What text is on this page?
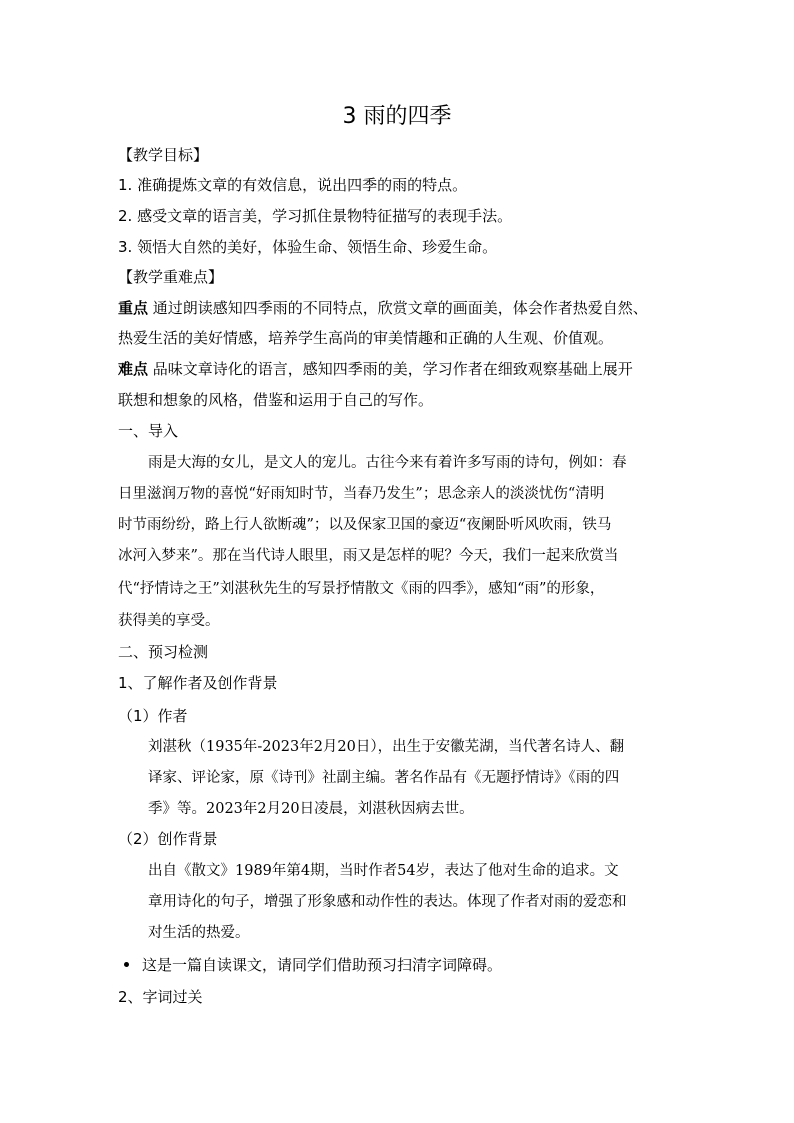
3 雨的四季
【教学目标】
1. 准确提炼文章的有效信息，说出四季的雨的特点。
2. 感受文章的语言美，学习抓住景物特征描写的表现手法。
3. 领悟大自然的美好，体验生命、领悟生命、珍爱生命。
【教学重难点】
重点 通过朗读感知四季雨的不同特点，欣赏文章的画面美，体会作者热爱自然、
热爱生活的美好情感，培养学生高尚的审美情趣和正确的人生观、价值观。
难点 品味文章诗化的语言，感知四季雨的美，学习作者在细致观察基础上展开
联想和想象的风格，借鉴和运用于自己的写作。
一、导入
雨是大海的女儿，是文人的宠儿。古往今来有着许多写雨的诗句，例如：春
日里滋润万物的喜悦“好雨知时节，当春乃发生”；思念亲人的淡淡忧伤“清明
时节雨纷纷，路上行人欲断魂”；以及保家卫国的豪迈“夜阑卧听风吹雨，铁马
冰河入梦来”。那在当代诗人眼里，雨又是怎样的呢？今天，我们一起来欣赏当
代“抒情诗之王”刘湛秋先生的写景抒情散文《雨的四季》，感知“雨”的形象，
获得美的享受。
二、预习检测
1、了解作者及创作背景
（1）作者
刘湛秋（1935年-2023年2月20日），出生于安徽芜湖，当代著名诗人、翻
译家、评论家，原《诗刊》社副主编。著名作品有《无题抒情诗》《雨的四
季》等。2023年2月20日凌晨，刘湛秋因病去世。
（2）创作背景
出自《散文》1989年第4期，当时作者54岁，表达了他对生命的追求。文
章用诗化的句子，增强了形象感和动作性的表达。体现了作者对雨的爱恋和
对生活的热爱。
这是一篇自读课文，请同学们借助预习扫清字词障碍。
2、字词过关
